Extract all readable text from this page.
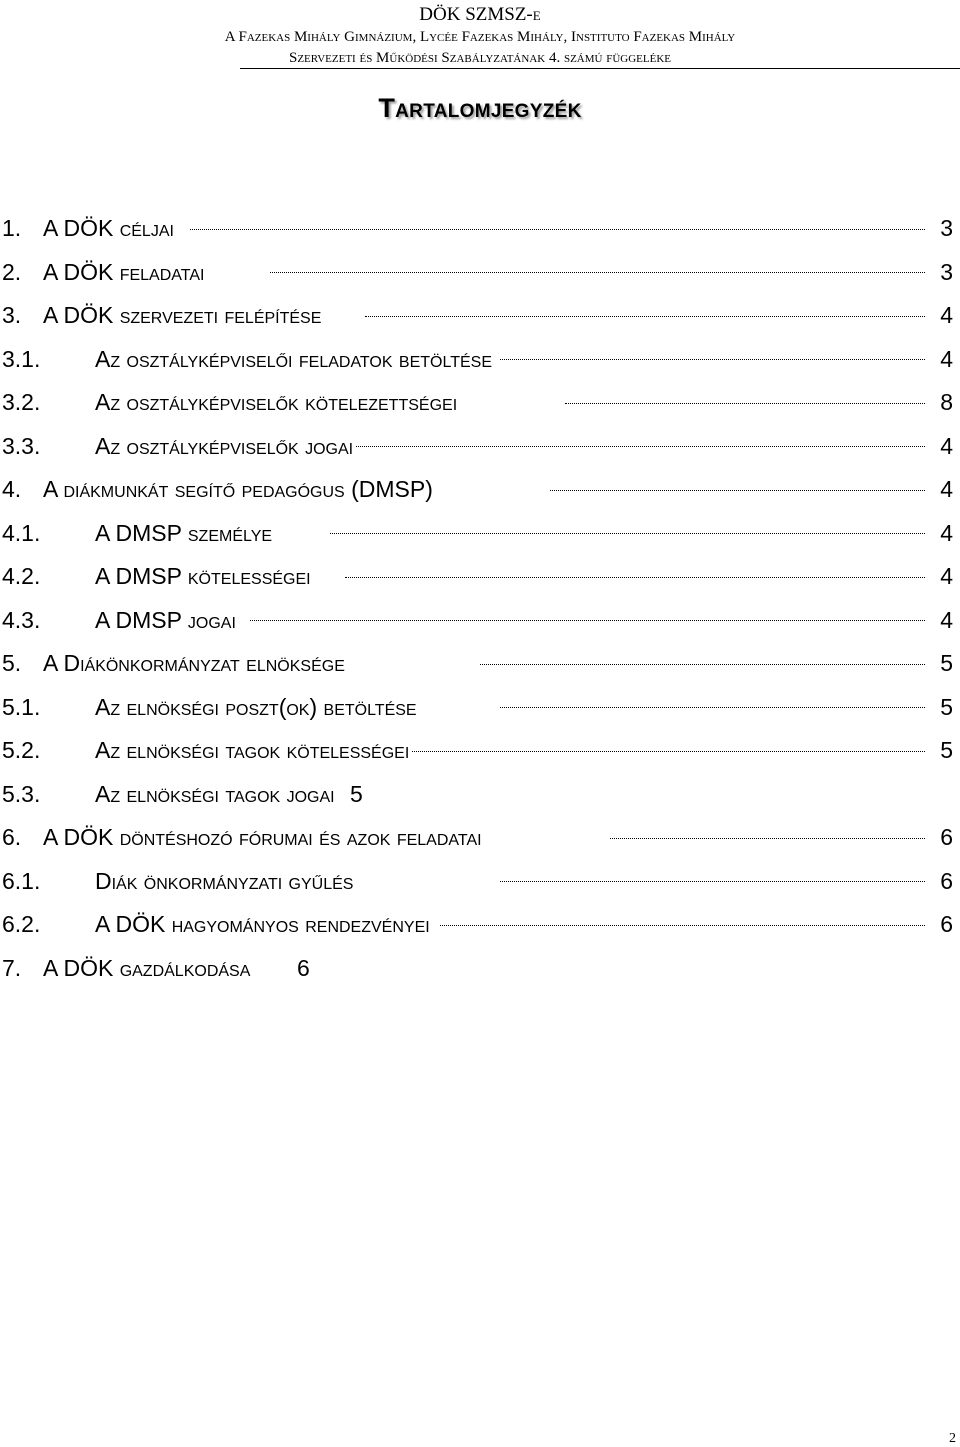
DÖK SZMSZ-e
A Fazekas Mihály Gimnázium, Lycée Fazekas Mihály, Instituto Fazekas Mihály
Szervezeti és Működési Szabályzatának 4. számú függeléke
Tartalomjegyzék
1. A DÖK céljai	3
2. A DÖK feladatai	3
3. A DÖK szervezeti felépítése	4
3.1. Az osztályképviselői feladatok betöltése	4
3.2. Az osztályképviselők kötelezettségei	8
3.3. Az osztályképviselők jogai	4
4. A diákmunkát segítő pedagógus (DMSP)	4
4.1. A DMSP személye	4
4.2. A DMSP kötelességei	4
4.3. A DMSP jogai	4
5. A Diákönkormányzat elnöksége	5
5.1. Az elnökségi poszt(ok) betöltése	5
5.2. Az elnökségi tagok kötelességei	5
5.3. Az elnökségi tagok jogai 5
6. A DÖK döntéshozó fórumai és azok feladatai	6
6.1. Diák önkormányzati gyűlés	6
6.2. A DÖK hagyományos rendezvényei	6
7. A DÖK gazdálkodása 6
2
